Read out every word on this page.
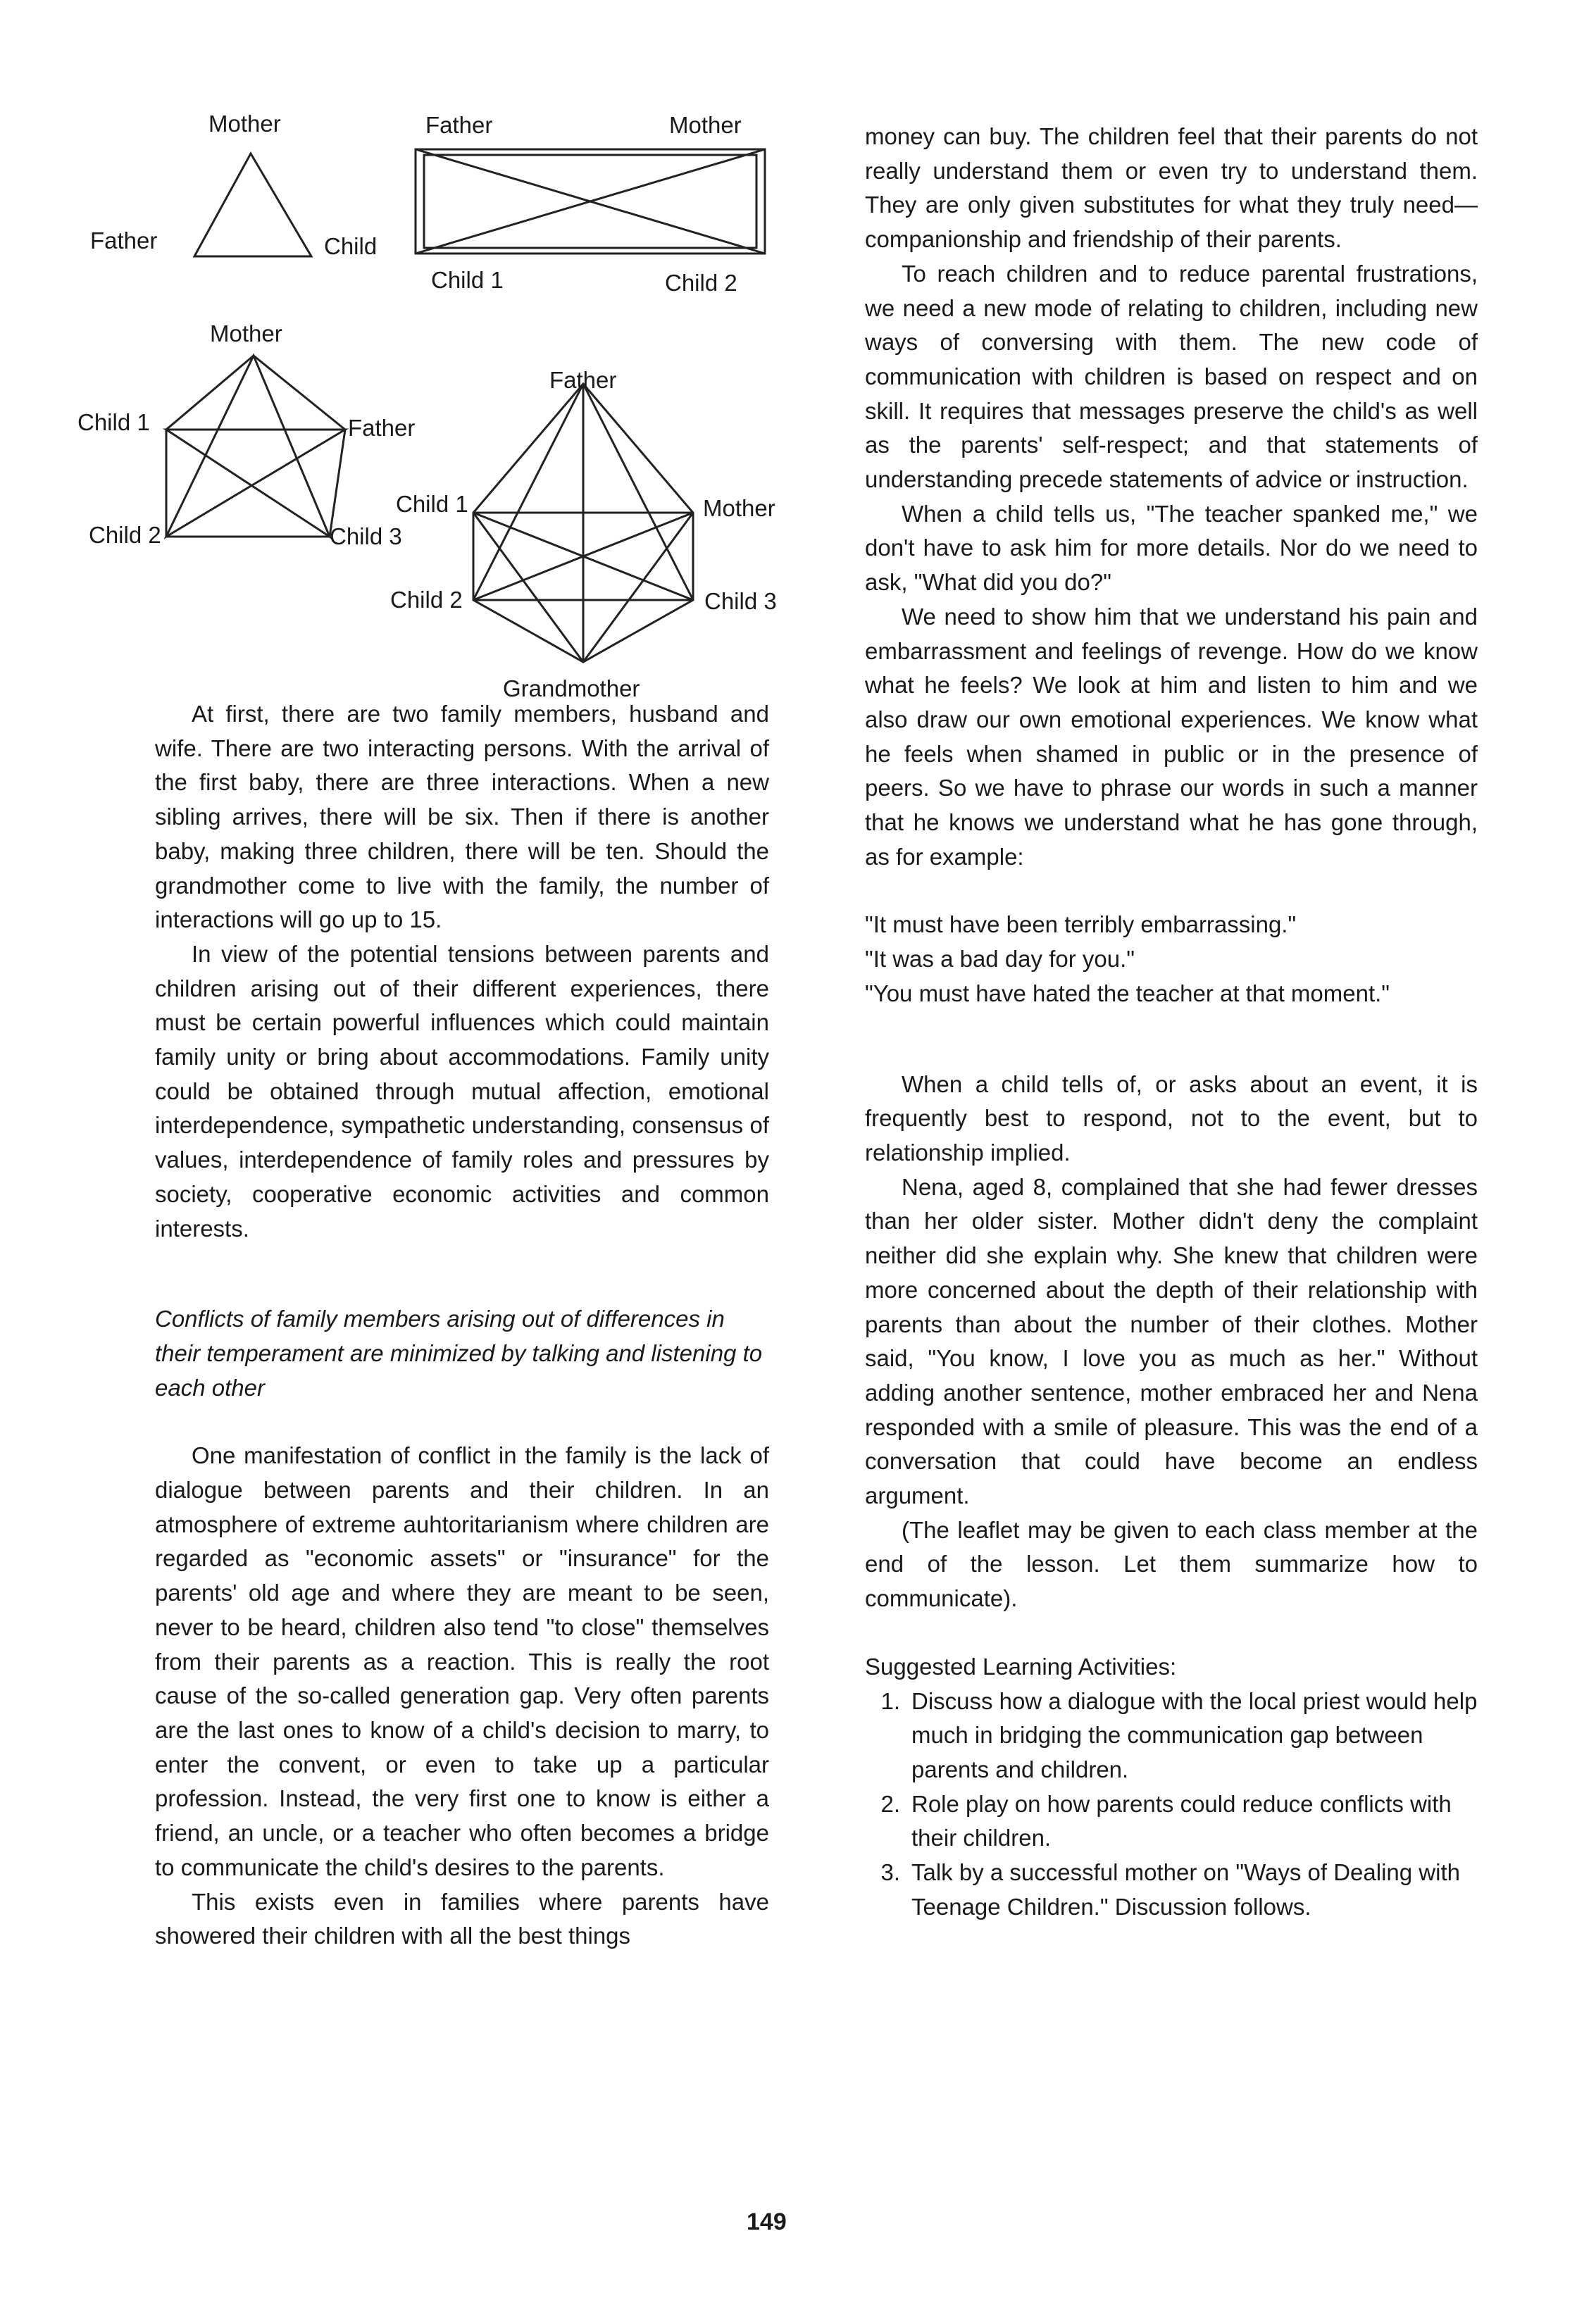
Mother
Father	Child
Father	Mother
Child 1	Child 2
Mother
Father
Child 1
Child 2	Child 3
Father
Child 1	Mother
Child 2	Child 3
Grandmother

At first, there are two family members, husband and wife. There are two interacting persons. With the arrival of the first baby, there are three interactions. When a new sibling arrives, there will be six. Then if there is another baby, making three children, there will be ten. Should the grandmother come to live with the family, the number of interactions will go up to 15.

In view of the potential tensions between parents and children arising out of their different experiences, there must be certain powerful influences which could maintain family unity or bring about accommodations. Family unity could be obtained through mutual affection, emotional interdependence, sympathetic understanding, consensus of values, interdependence of family roles and pressures by society, cooperative economic activities and common interests.

Conflicts of family members arising out of differences in their temperament are minimized by talking and listening to each other

One manifestation of conflict in the family is the lack of dialogue between parents and their children. In an atmosphere of extreme auhtoritarianism where children are regarded as "economic assets" or "insurance" for the parents' old age and where they are meant to be seen, never to be heard, children also tend "to close" themselves from their parents as a reaction. This is really the root cause of the so-called generation gap. Very often parents are the last ones to know of a child's decision to marry, to enter the convent, or even to take up a particular profession. Instead, the very first one to know is either a friend, an uncle, or a teacher who often becomes a bridge to communicate the child's desires to the parents.

This exists even in families where parents have showered their children with all the best things

money can buy. The children feel that their parents do not really understand them or even try to understand them. They are only given substitutes for what they truly need—companionship and friendship of their parents.

To reach children and to reduce parental frustrations, we need a new mode of relating to children, including new ways of conversing with them. The new code of communication with children is based on respect and on skill. It requires that messages preserve the child's as well as the parents' self-respect; and that statements of understanding precede statements of advice or instruction.

When a child tells us, "The teacher spanked me," we don't have to ask him for more details. Nor do we need to ask, "What did you do?"

We need to show him that we understand his pain and embarrassment and feelings of revenge. How do we know what he feels? We look at him and listen to him and we also draw our own emotional experiences. We know what he feels when shamed in public or in the presence of peers. So we have to phrase our words in such a manner that he knows we understand what he has gone through, as for example:

"It must have been terribly embarrassing."

"It was a bad day for you."

"You must have hated the teacher at that moment."

When a child tells of, or asks about an event, it is frequently best to respond, not to the event, but to relationship implied.

Nena, aged 8, complained that she had fewer dresses than her older sister. Mother didn't deny the complaint neither did she explain why. She knew that children were more concerned about the depth of their relationship with parents than about the number of their clothes. Mother said, "You know, I love you as much as her." Without adding another sentence, mother embraced her and Nena responded with a smile of pleasure. This was the end of a conversation that could have become an endless argument.

(The leaflet may be given to each class member at the end of the lesson. Let them summarize how to communicate).

Suggested Learning Activities:

1. Discuss how a dialogue with the local priest would help much in bridging the communication gap between parents and children.
2. Role play on how parents could reduce conflicts with their children.
3. Talk by a successful mother on "Ways of Dealing with Teenage Children." Discussion follows.
149
